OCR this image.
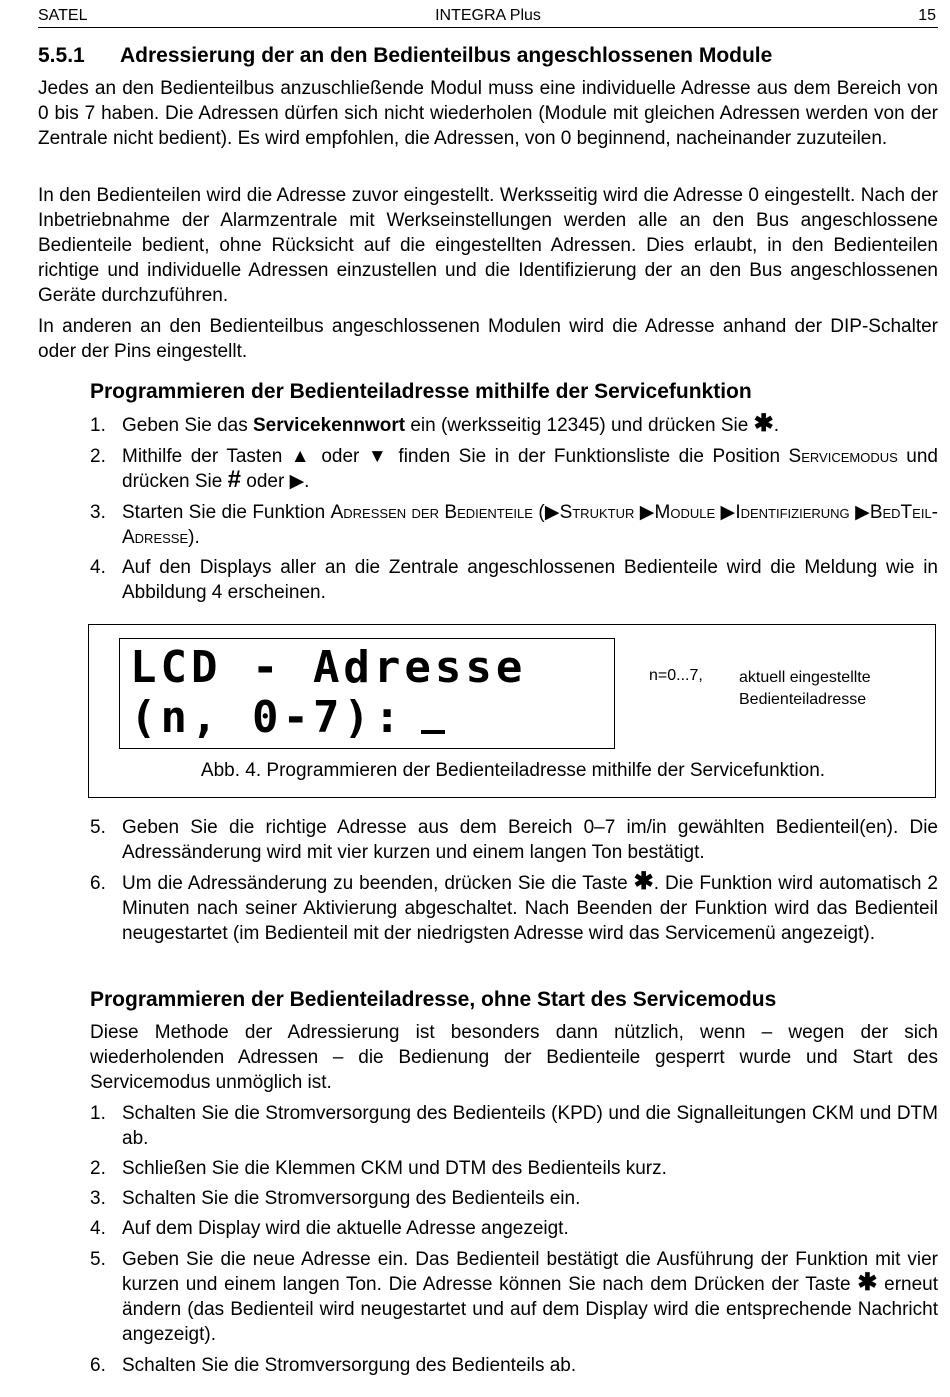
SATEL	INTEGRA Plus	15
5.5.1 Adressierung der an den Bedienteilbus angeschlossenen Module
Jedes an den Bedienteilbus anzuschließende Modul muss eine individuelle Adresse aus dem Bereich von 0 bis 7 haben. Die Adressen dürfen sich nicht wiederholen (Module mit gleichen Adressen werden von der Zentrale nicht bedient). Es wird empfohlen, die Adressen, von 0 beginnend, nacheinander zuzuteilen.
In den Bedienteilen wird die Adresse zuvor eingestellt. Werksseitig wird die Adresse 0 eingestellt. Nach der Inbetriebnahme der Alarmzentrale mit Werkseinstellungen werden alle an den Bus angeschlossene Bedienteile bedient, ohne Rücksicht auf die eingestellten Adressen. Dies erlaubt, in den Bedienteilen richtige und individuelle Adressen einzustellen und die Identifizierung der an den Bus angeschlossenen Geräte durchzuführen.
In anderen an den Bedienteilbus angeschlossenen Modulen wird die Adresse anhand der DIP-Schalter oder der Pins eingestellt.
Programmieren der Bedienteiladresse mithilfe der Servicefunktion
1. Geben Sie das Servicekennwort ein (werksseitig 12345) und drücken Sie ✱.
2. Mithilfe der Tasten ▲ oder ▼ finden Sie in der Funktionsliste die Position Servicemodus und drücken Sie # oder ▶.
3. Starten Sie die Funktion Adressen der Bedienteile (▶Struktur ▶Module ▶Identifizierung ▶BedTeil-Adresse).
4. Auf den Displays aller an die Zentrale angeschlossenen Bedienteile wird die Meldung wie in Abbildung 4 erscheinen.
LCD - Adresse
(n, 0-7):
n=0...7, aktuell eingestellte Bedienteiladresse
Abb. 4. Programmieren der Bedienteiladresse mithilfe der Servicefunktion.
5. Geben Sie die richtige Adresse aus dem Bereich 0–7 im/in gewählten Bedienteil(en). Die Adressänderung wird mit vier kurzen und einem langen Ton bestätigt.
6. Um die Adressänderung zu beenden, drücken Sie die Taste ✱. Die Funktion wird automatisch 2 Minuten nach seiner Aktivierung abgeschaltet. Nach Beenden der Funktion wird das Bedienteil neugestartet (im Bedienteil mit der niedrigsten Adresse wird das Servicemenü angezeigt).
Programmieren der Bedienteiladresse, ohne Start des Servicemodus
Diese Methode der Adressierung ist besonders dann nützlich, wenn – wegen der sich wiederholenden Adressen – die Bedienung der Bedienteile gesperrt wurde und Start des Servicemodus unmöglich ist.
1. Schalten Sie die Stromversorgung des Bedienteils (KPD) und die Signalleitungen CKM und DTM ab.
2. Schließen Sie die Klemmen CKM und DTM des Bedienteils kurz.
3. Schalten Sie die Stromversorgung des Bedienteils ein.
4. Auf dem Display wird die aktuelle Adresse angezeigt.
5. Geben Sie die neue Adresse ein. Das Bedienteil bestätigt die Ausführung der Funktion mit vier kurzen und einem langen Ton. Die Adresse können Sie nach dem Drücken der Taste ✱ erneut ändern (das Bedienteil wird neugestartet und auf dem Display wird die entsprechende Nachricht angezeigt).
6. Schalten Sie die Stromversorgung des Bedienteils ab.
